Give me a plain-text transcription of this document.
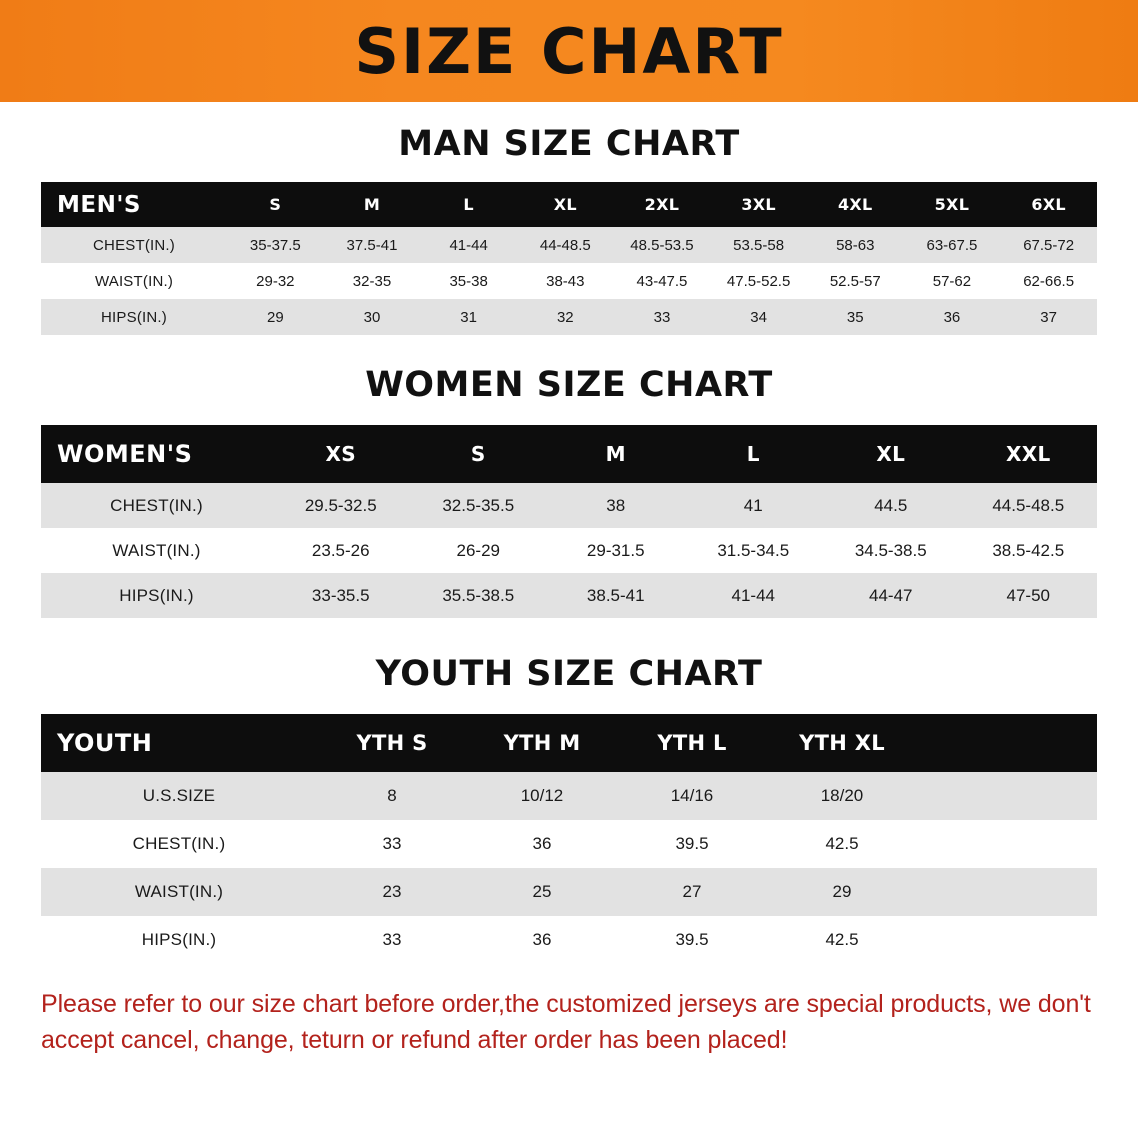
SIZE CHART
MAN SIZE CHART
MEN'S	S	M	L	XL	2XL	3XL	4XL	5XL	6XL
CHEST(IN.)	35-37.5	37.5-41	41-44	44-48.5	48.5-53.5	53.5-58	58-63	63-67.5	67.5-72
WAIST(IN.)	29-32	32-35	35-38	38-43	43-47.5	47.5-52.5	52.5-57	57-62	62-66.5
HIPS(IN.)	29	30	31	32	33	34	35	36	37
WOMEN SIZE CHART
WOMEN'S	XS	S	M	L	XL	XXL
CHEST(IN.)	29.5-32.5	32.5-35.5	38	41	44.5	44.5-48.5
WAIST(IN.)	23.5-26	26-29	29-31.5	31.5-34.5	34.5-38.5	38.5-42.5
HIPS(IN.)	33-35.5	35.5-38.5	38.5-41	41-44	44-47	47-50
YOUTH SIZE CHART
YOUTH	YTH S	YTH M	YTH L	YTH XL	
U.S.SIZE	8	10/12	14/16	18/20	
CHEST(IN.)	33	36	39.5	42.5	
WAIST(IN.)	23	25	27	29	
HIPS(IN.)	33	36	39.5	42.5	
Please refer to our size chart before order,the customized jerseys are special products, we don't accept cancel, change, teturn or refund after order has been placed!
